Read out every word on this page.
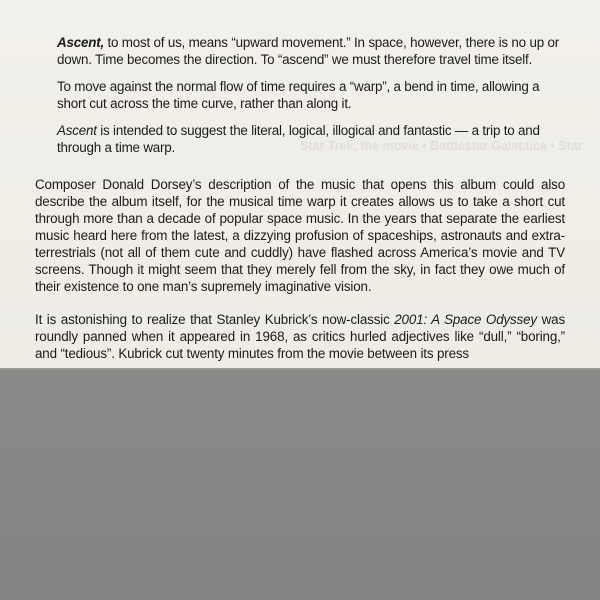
Star Trek, the movie • Battlestar Galactica • Star

Ascent, to most of us, means “upward movement.” In space, however, there is no up or down. Time becomes the direction. To “ascend” we must therefore travel time itself.

To move against the normal flow of time requires a “warp”, a bend in time, allowing a short cut across the time curve, rather than along it.

Ascent is intended to suggest the literal, logical, illogical and fantastic — a trip to and through a time warp.

Composer Donald Dorsey’s description of the music that opens this album could also describe the album itself, for the musical time warp it creates allows us to take a short cut through more than a decade of popular space music. In the years that separate the earliest music heard here from the latest, a dizzying profusion of spaceships, astronauts and extra-terrestrials (not all of them cute and cuddly) have flashed across America’s movie and TV screens. Though it might seem that they merely fell from the sky, in fact they owe much of their existence to one man’s supremely imaginative vision.

It is astonishing to realize that Stanley Kubrick’s now-classic 2001: A Space Odyssey was roundly panned when it appeared in 1968, as critics hurled adjectives like “dull,” “boring,” and “tedious”. Kubrick cut twenty minutes from the movie between its press
